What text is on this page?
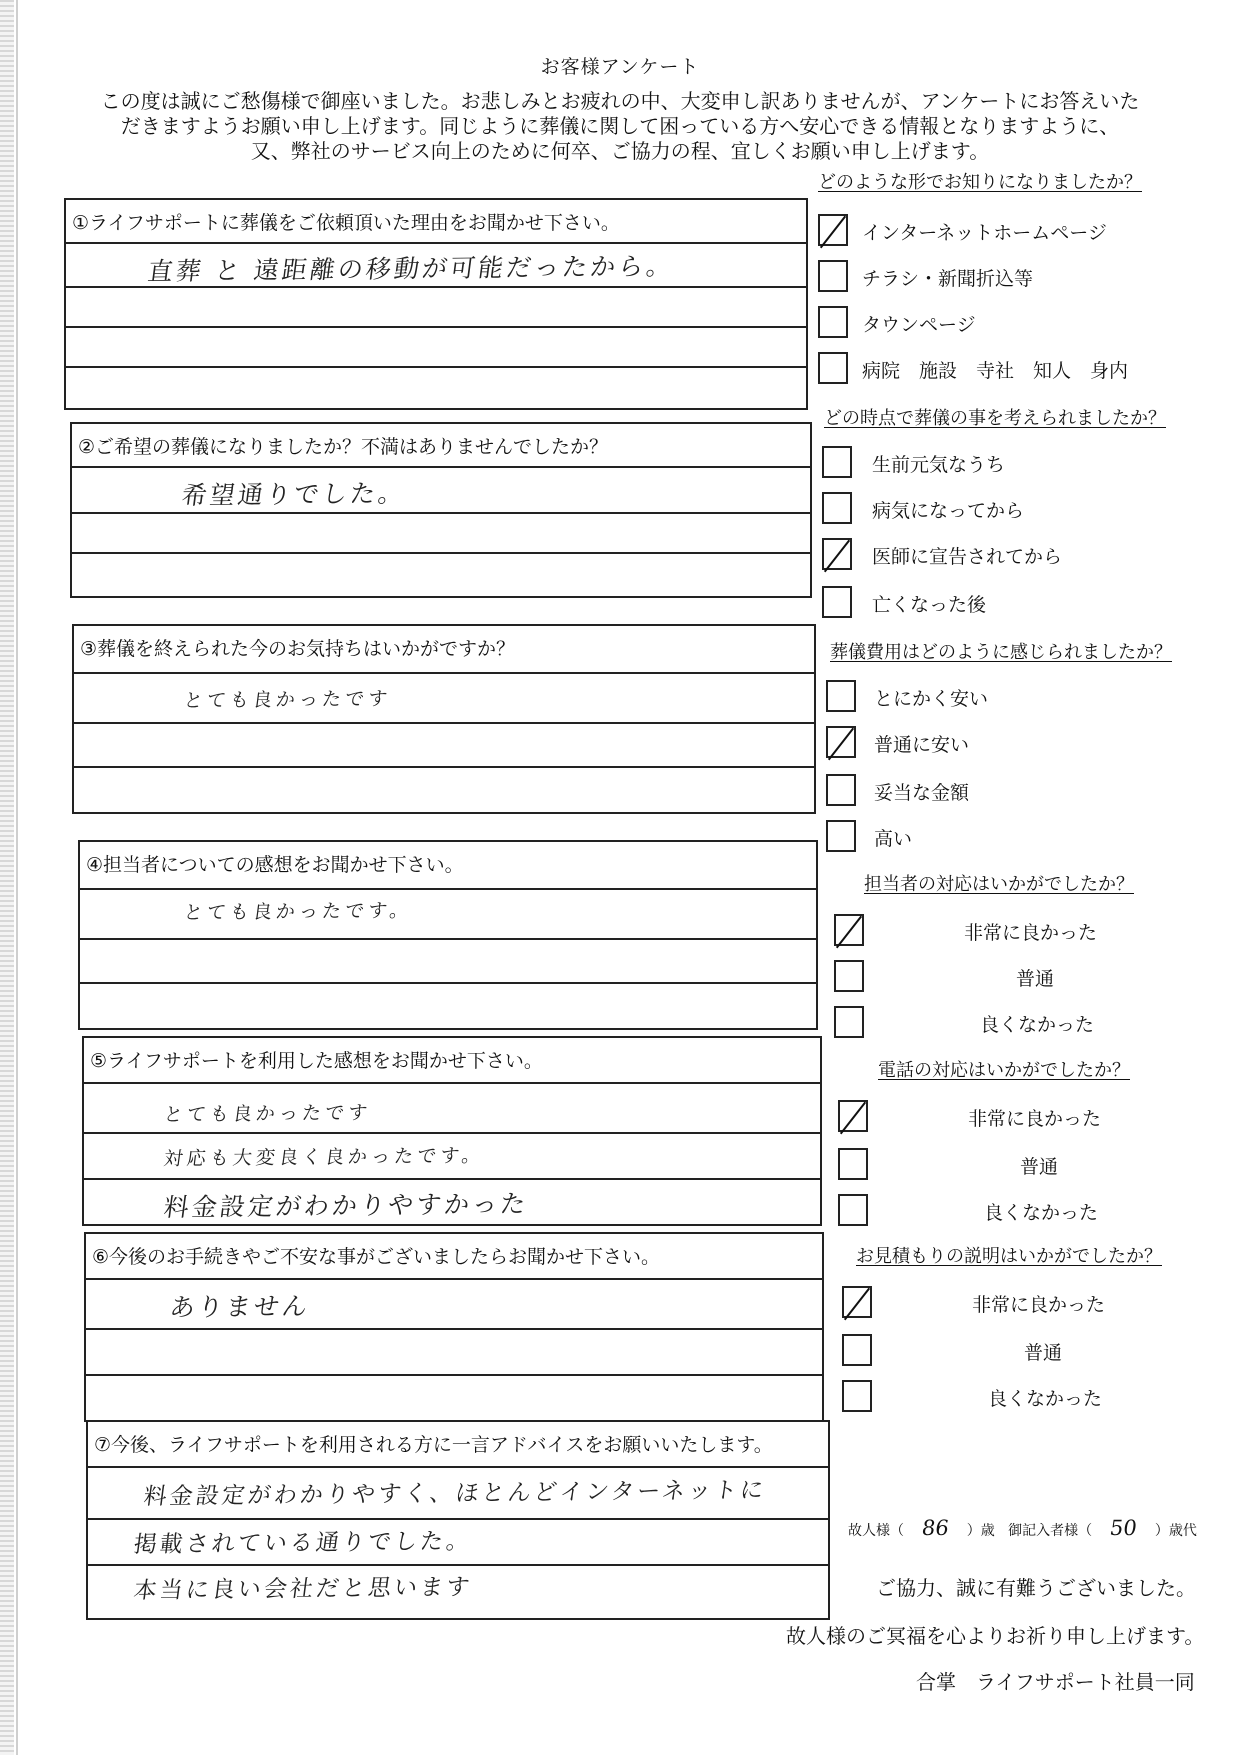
お客様アンケート
この度は誠にご愁傷様で御座いました。お悲しみとお疲れの中、大変申し訳ありませんが、アンケートにお答えいた
だきますようお願い申し上げます。同じように葬儀に関して困っている方へ安心できる情報となりますように、
又、弊社のサービス向上のために何卒、ご協力の程、宜しくお願い申し上げます。
①ライフサポートに葬儀をご依頼頂いた理由をお聞かせ下さい。
直葬 と 遠距離の移動が可能だったから。
②ご希望の葬儀になりましたか？不満はありませんでしたか？
希望通りでした。
③葬儀を終えられた今のお気持ちはいかがですか？
とても良かったです
④担当者についての感想をお聞かせ下さい。
とても良かったです。
⑤ライフサポートを利用した感想をお聞かせ下さい。
とても良かったです
対応も大変良く良かったです。
料金設定がわかりやすかった
⑥今後のお手続きやご不安な事がございましたらお聞かせ下さい。
ありません
⑦今後、ライフサポートを利用される方に一言アドバイスをお願いいたします。
料金設定がわかりやすく、ほとんどインターネットに
掲載されている通りでした。
本当に良い会社だと思います
どのような形でお知りになりましたか？
インターネットホームページ
チラシ・新聞折込等
タウンページ
病院　施設　寺社　知人　身内
どの時点で葬儀の事を考えられましたか？
生前元気なうち
病気になってから
医師に宣告されてから
亡くなった後
葬儀費用はどのように感じられましたか？
とにかく安い
普通に安い
妥当な金額
高い
担当者の対応はいかがでしたか？
非常に良かった
普通
良くなかった
電話の対応はいかがでしたか？
非常に良かった
普通
良くなかった
お見積もりの説明はいかがでしたか？
非常に良かった
普通
良くなかった
故人様（ 86 ）歳 御記入者様（ 50 ）歳代
ご協力、誠に有難うございました。
故人様のご冥福を心よりお祈り申し上げます。
合掌　ライフサポート社員一同
